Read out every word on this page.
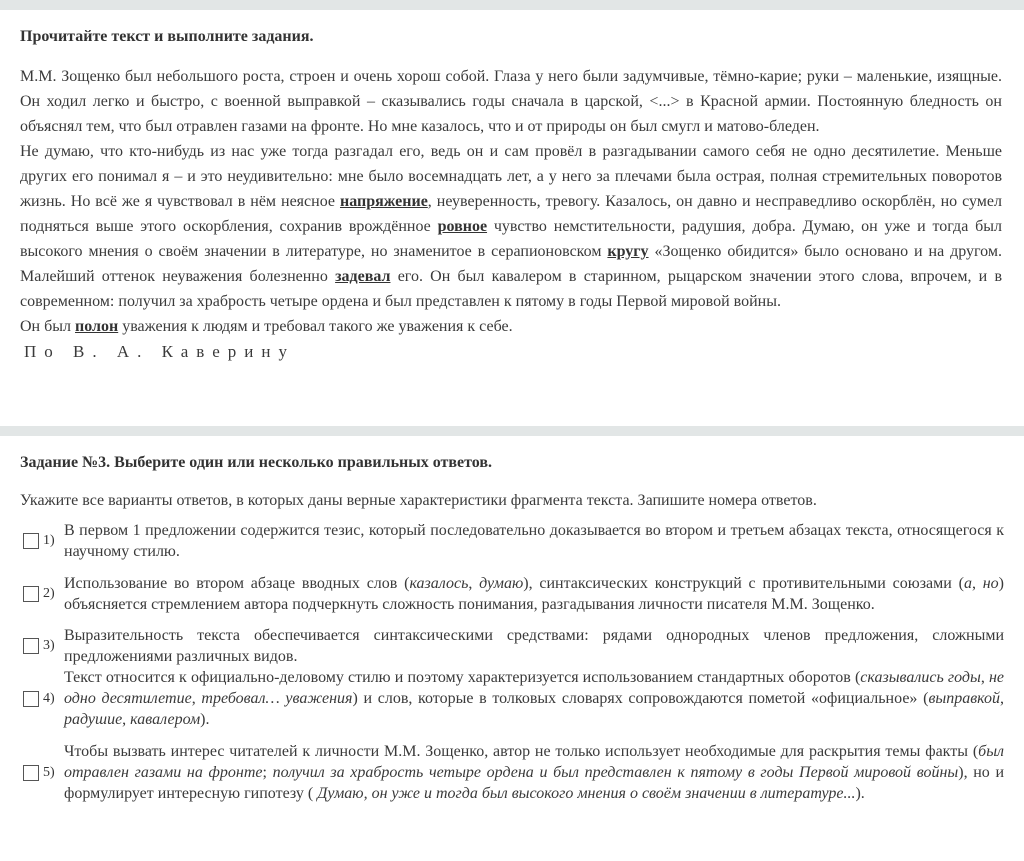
Прочитайте текст и выполните задания.

М.М. Зощенко был небольшого роста, строен и очень хорош собой. Глаза у него были задумчивые, тёмно-карие; руки – маленькие, изящные. Он ходил легко и быстро, с военной выправкой – сказывались годы сначала в царской, <...> в Красной армии. Постоянную бледность он объяснял тем, что был отравлен газами на фронте. Но мне казалось, что и от природы он был смугл и матово-бледен.

Не думаю, что кто-нибудь из нас уже тогда разгадал его, ведь он и сам провёл в разгадывании самого себя не одно десятилетие. Меньше других его понимал я – и это неудивительно: мне было восемнадцать лет, а у него за плечами была острая, полная стремительных поворотов жизнь. Но всё же я чувствовал в нём неясное напряжение, неуверенность, тревогу. Казалось, он давно и несправедливо оскорблён, но сумел подняться выше этого оскорбления, сохранив врождённое ровное чувство немстительности, радушия, добра. Думаю, он уже и тогда был высокого мнения о своём значении в литературе, но знаменитое в серапионовском кругу «Зощенко обидится» было основано и на другом. Малейший оттенок неуважения болезненно задевал его. Он был кавалером в старинном, рыцарском значении этого слова, впрочем, и в современном: получил за храбрость четыре ордена и был представлен к пятому в годы Первой мировой войны.

Он был полон уважения к людям и требовал такого же уважения к себе.

По В. А. Каверину

Задание №3. Выберите один или несколько правильных ответов.
Укажите все варианты ответов, в которых даны верные характеристики фрагмента текста. Запишите номера ответов.
1)
В первом 1 предложении содержится тезис, который последовательно доказывается во втором и третьем абзацах текста, относящегося к научному стилю.
2)
Использование во втором абзаце вводных слов (казалось, думаю), синтаксических конструкций с противительными союзами (а, но) объясняется стремлением автора подчеркнуть сложность понимания, разгадывания личности писателя М.М. Зощенко.
3)
Выразительность текста обеспечивается синтаксическими средствами: рядами однородных членов предложения, сложными предложениями различных видов.
4)
Текст относится к официально-деловому стилю и поэтому характеризуется использованием стандартных оборотов (сказывались годы, не одно десятилетие, требовал… уважения) и слов, которые в толковых словарях сопровождаются пометой «официальное» (выправкой, радушие, кавалером).
5)
Чтобы вызвать интерес читателей к личности М.М. Зощенко, автор не только использует необходимые для раскрытия темы факты (был отравлен газами на фронте; получил за храбрость четыре ордена и был представлен к пятому в годы Первой мировой войны), но и формулирует интересную гипотезу ( Думаю, он уже и тогда был высокого мнения о своём значении в литературе...).
